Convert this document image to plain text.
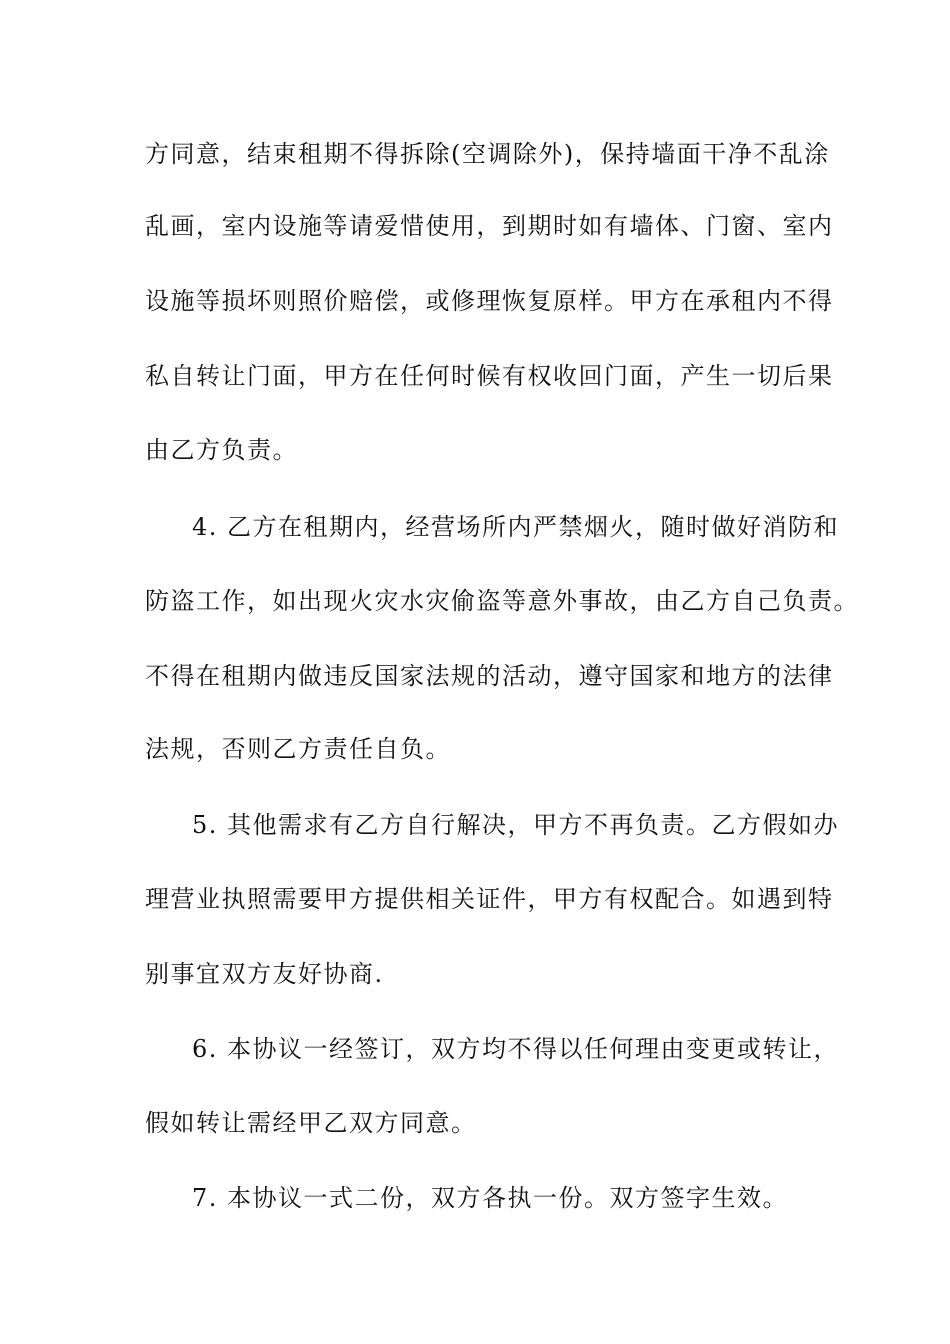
方同意，结束租期不得拆除(空调除外)，保持墙面干净不乱涂
乱画，室内设施等请爱惜使用，到期时如有墙体、门窗、室内
设施等损坏则照价赔偿，或修理恢复原样。甲方在承租内不得
私自转让门面，甲方在任何时候有权收回门面，产生一切后果
由乙方负责。
4. 乙方在租期内，经营场所内严禁烟火，随时做好消防和
防盗工作，如出现火灾水灾偷盗等意外事故，由乙方自己负责。
不得在租期内做违反国家法规的活动，遵守国家和地方的法律
法规，否则乙方责任自负。
5. 其他需求有乙方自行解决，甲方不再负责。乙方假如办
理营业执照需要甲方提供相关证件，甲方有权配合。如遇到特
别事宜双方友好协商.
6. 本协议一经签订，双方均不得以任何理由变更或转让，
假如转让需经甲乙双方同意。
7. 本协议一式二份，双方各执一份。双方签字生效。
